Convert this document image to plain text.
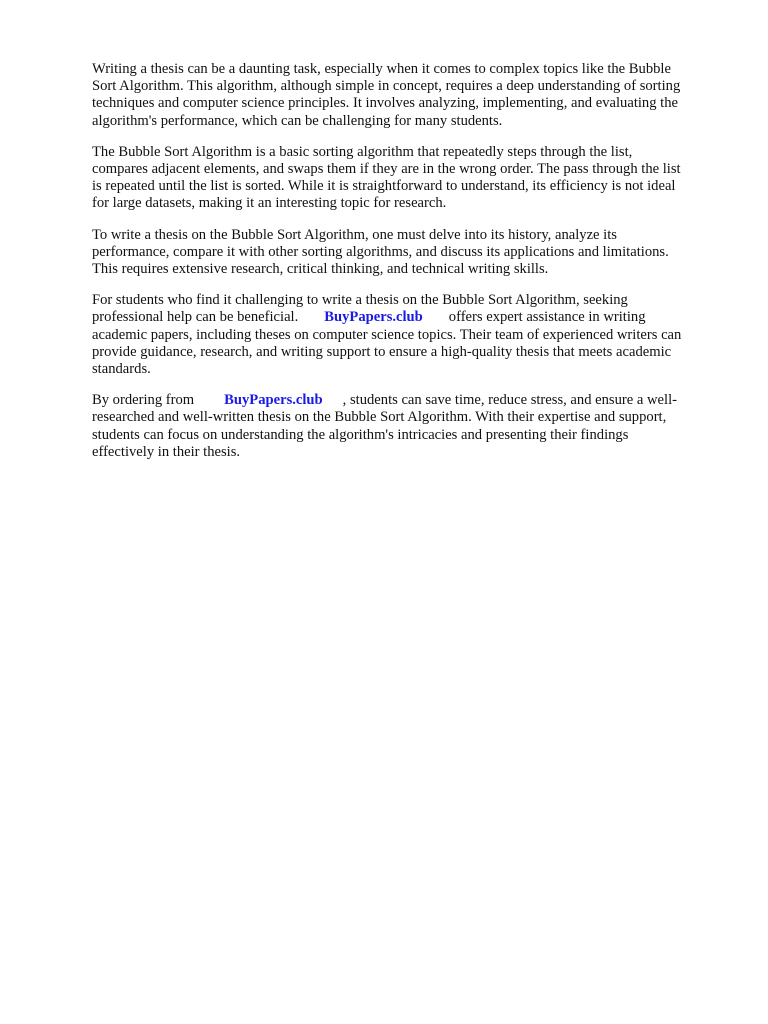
Writing a thesis can be a daunting task, especially when it comes to complex topics like the Bubble
Sort Algorithm. This algorithm, although simple in concept, requires a deep understanding of sorting
techniques and computer science principles. It involves analyzing, implementing, and evaluating the
algorithm's performance, which can be challenging for many students.

The Bubble Sort Algorithm is a basic sorting algorithm that repeatedly steps through the list,
compares adjacent elements, and swaps them if they are in the wrong order. The pass through the list
is repeated until the list is sorted. While it is straightforward to understand, its efficiency is not ideal
for large datasets, making it an interesting topic for research.

To write a thesis on the Bubble Sort Algorithm, one must delve into its history, analyze its
performance, compare it with other sorting algorithms, and discuss its applications and limitations.
This requires extensive research, critical thinking, and technical writing skills.

For students who find it challenging to write a thesis on the Bubble Sort Algorithm, seeking
professional help can be beneficial. BuyPapers.club offers expert assistance in writing
academic papers, including theses on computer science topics. Their team of experienced writers can
provide guidance, research, and writing support to ensure a high-quality thesis that meets academic
standards.

By ordering from BuyPapers.club , students can save time, reduce stress, and ensure a well-
researched and well-written thesis on the Bubble Sort Algorithm. With their expertise and support,
students can focus on understanding the algorithm's intricacies and presenting their findings
effectively in their thesis.
